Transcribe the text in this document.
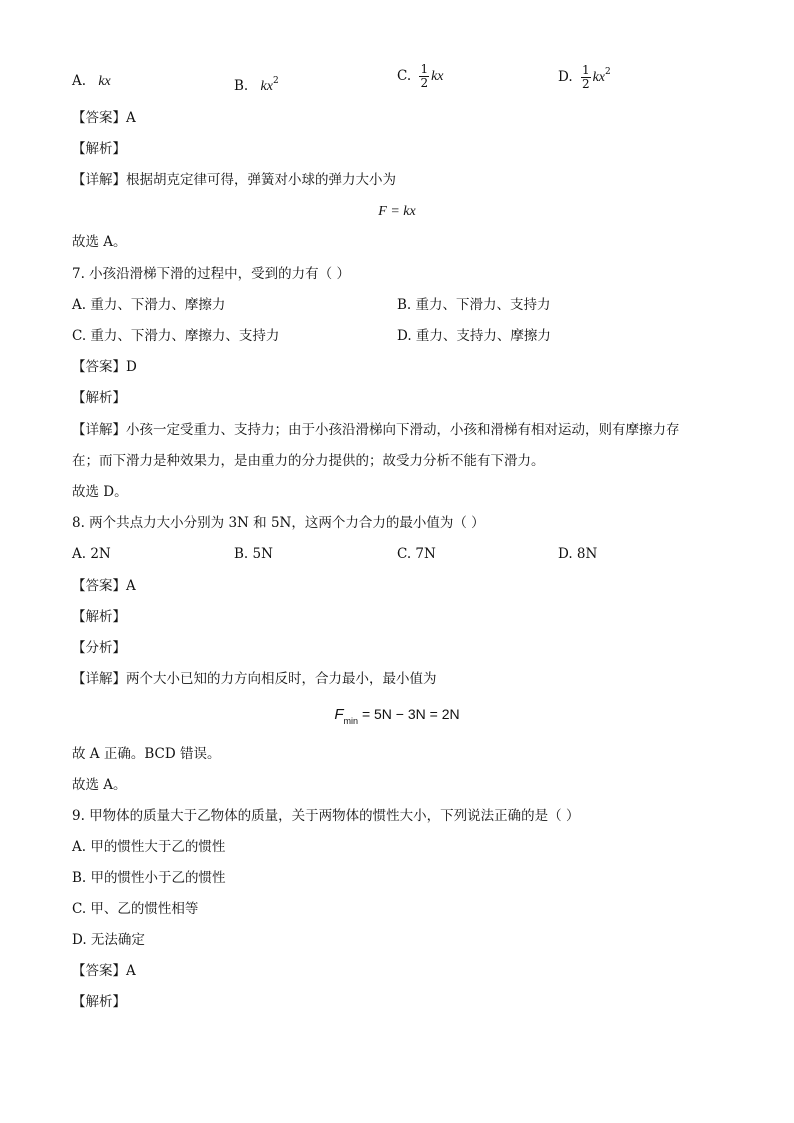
A. kx	B. $kx^2$	C. $\frac{1}{2}$ kx	D. $\frac{1}{2} kx^2$
【答案】A
【解析】
【详解】根据胡克定律可得，弹簧对小球的弹力大小为
F = kx
故选 A。
7. 小孩沿滑梯下滑的过程中，受到的力有（ ）
A. 重力、下滑力、摩擦力	B. 重力、下滑力、支持力
C. 重力、下滑力、摩擦力、支持力	D. 重力、支持力、摩擦力
【答案】D
【解析】
【详解】小孩一定受重力、支持力；由于小孩沿滑梯向下滑动，小孩和滑梯有相对运动，则有摩擦力存
在；而下滑力是种效果力，是由重力的分力提供的；故受力分析不能有下滑力。
故选 D。
8. 两个共点力大小分别为 3N 和 5N，这两个力合力的最小值为（ ）
A. 2N	B. 5N	C. 7N	D. 8N
【答案】A
【解析】
【分析】
【详解】两个大小已知的力方向相反时，合力最小，最小值为
$F_{min} = 5N - 3N = 2N$
故 A 正确。BCD 错误。
故选 A。
9. 甲物体的质量大于乙物体的质量，关于两物体的惯性大小，下列说法正确的是（ ）
A. 甲的惯性大于乙的惯性
B. 甲的惯性小于乙的惯性
C. 甲、乙的惯性相等
D. 无法确定
【答案】A
【解析】
